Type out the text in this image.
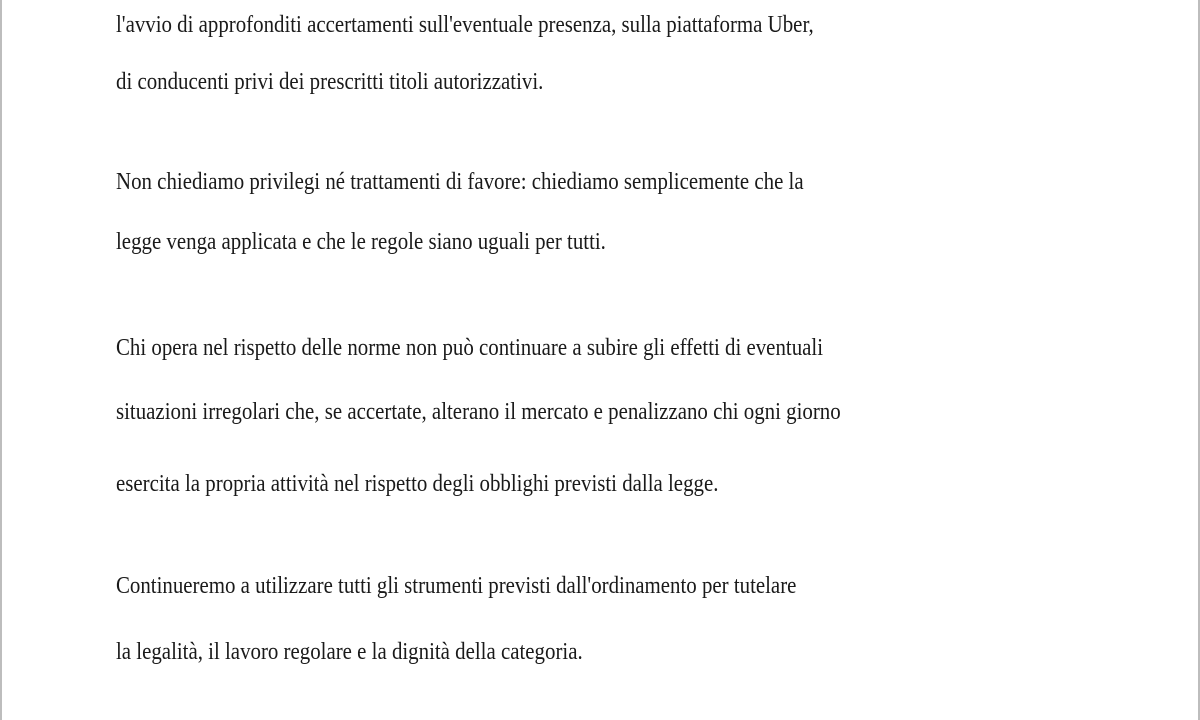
l'avvio di approfonditi accertamenti sull'eventuale presenza, sulla piattaforma Uber,

di conducenti privi dei prescritti titoli autorizzativi.

Non chiediamo privilegi né trattamenti di favore: chiediamo semplicemente che la

legge venga applicata e che le regole siano uguali per tutti.

Chi opera nel rispetto delle norme non può continuare a subire gli effetti di eventuali

situazioni irregolari che, se accertate, alterano il mercato e penalizzano chi ogni giorno

esercita la propria attività nel rispetto degli obblighi previsti dalla legge.

Continueremo a utilizzare tutti gli strumenti previsti dall'ordinamento per tutelare

la legalità, il lavoro regolare e la dignità della categoria.
